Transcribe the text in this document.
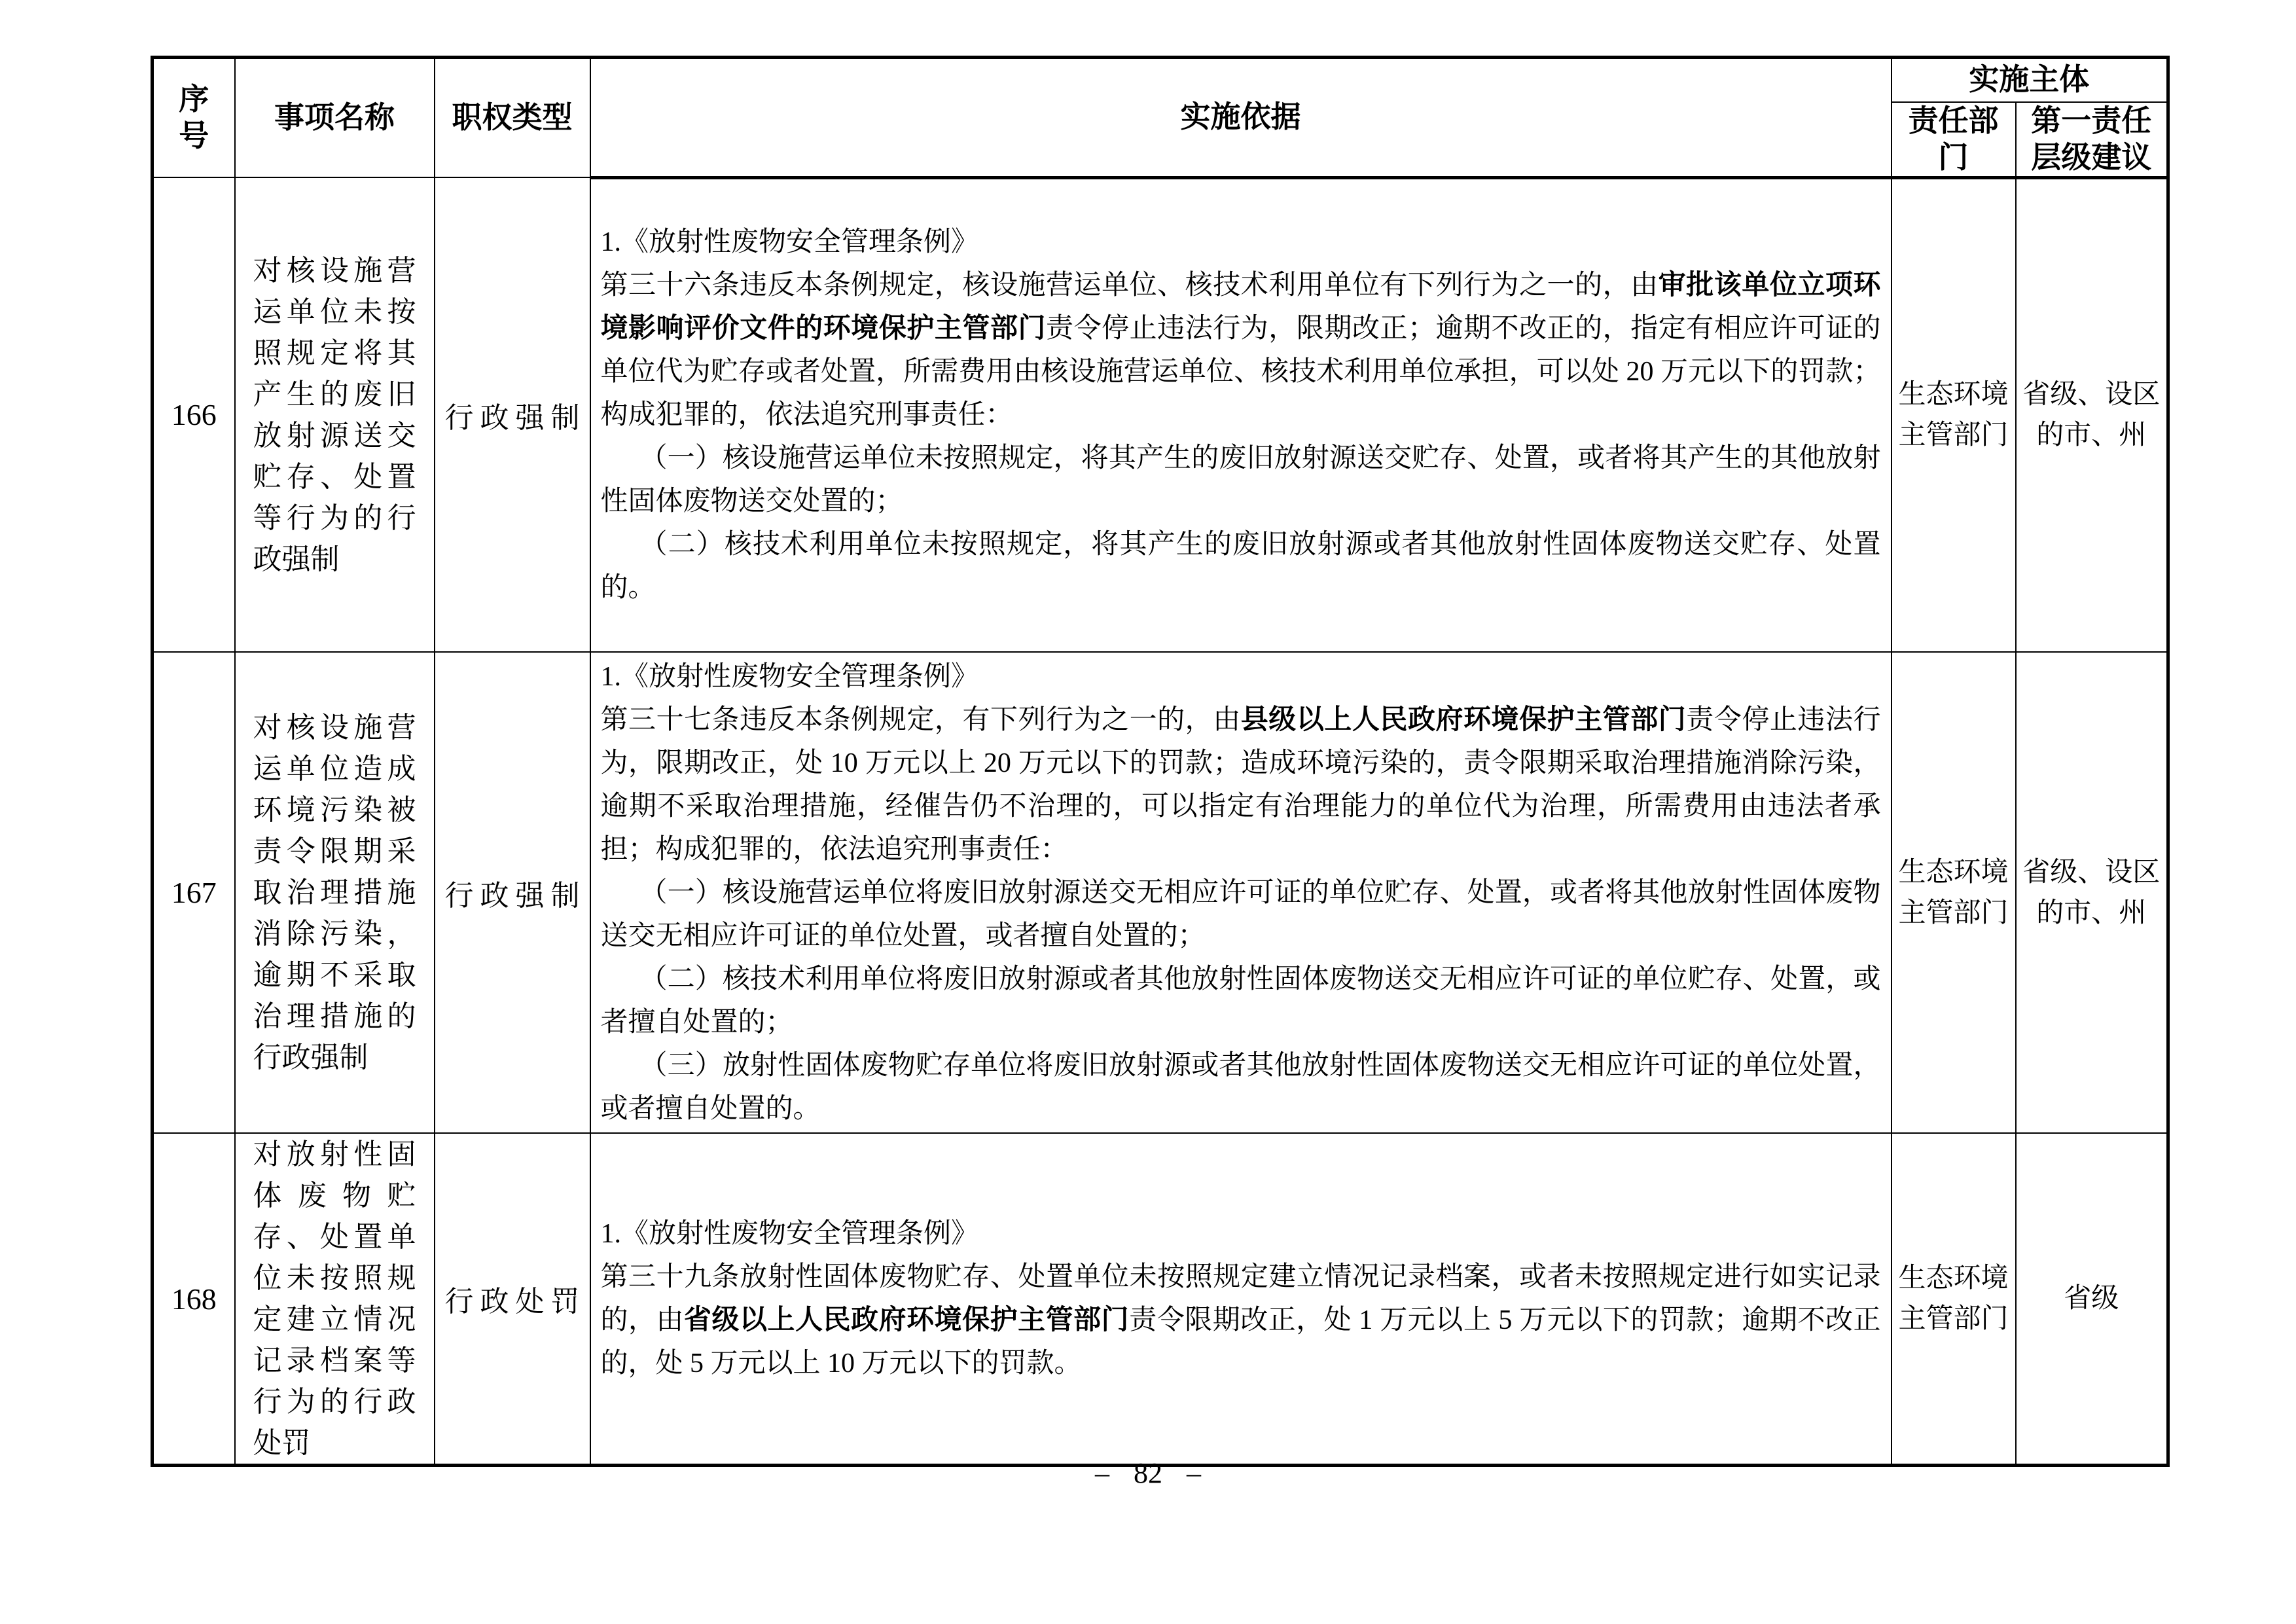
序号	事项名称	职权类型	实施依据	实施主体	
				责任部门	第一责任层级建议
166	对核设施营运单位未按照规定将其产生的废旧放射源送交贮存、处置等行为的行政强制	行政强制	1.《放射性废物安全管理条例》
第三十六条违反本条例规定，核设施营运单位、核技术利用单位有下列行为之一的，由审批该单位立项环境影响评价文件的环境保护主管部门责令停止违法行为，限期改正；逾期不改正的，指定有相应许可证的单位代为贮存或者处置，所需费用由核设施营运单位、核技术利用单位承担，可以处 20 万元以下的罚款；构成犯罪的，依法追究刑事责任：
（一）核设施营运单位未按照规定，将其产生的废旧放射源送交贮存、处置，或者将其产生的其他放射性固体废物送交处置的；
（二）核技术利用单位未按照规定，将其产生的废旧放射源或者其他放射性固体废物送交贮存、处置的。	生态环境主管部门	省级、设区的市、州
167	对核设施营运单位造成环境污染被责令限期采取治理措施消除污染，逾期不采取治理措施的行政强制	行政强制	1.《放射性废物安全管理条例》
第三十七条违反本条例规定，有下列行为之一的，由县级以上人民政府环境保护主管部门责令停止违法行为，限期改正，处 10 万元以上 20 万元以下的罚款；造成环境污染的，责令限期采取治理措施消除污染，逾期不采取治理措施，经催告仍不治理的，可以指定有治理能力的单位代为治理，所需费用由违法者承担；构成犯罪的，依法追究刑事责任：
（一）核设施营运单位将废旧放射源送交无相应许可证的单位贮存、处置，或者将其他放射性固体废物送交无相应许可证的单位处置，或者擅自处置的；
（二）核技术利用单位将废旧放射源或者其他放射性固体废物送交无相应许可证的单位贮存、处置，或者擅自处置的；
（三）放射性固体废物贮存单位将废旧放射源或者其他放射性固体废物送交无相应许可证的单位处置，或者擅自处置的。	生态环境主管部门	省级、设区的市、州
168	对放射性固体废物贮存、处置单位未按照规定建立情况记录档案等行为的行政处罚	行政处罚	1.《放射性废物安全管理条例》
第三十九条放射性固体废物贮存、处置单位未按照规定建立情况记录档案，或者未按照规定进行如实记录的，由省级以上人民政府环境保护主管部门责令限期改正，处 1 万元以上 5 万元以下的罚款；逾期不改正的，处 5 万元以上 10 万元以下的罚款。	生态环境主管部门	省级
– 82 –
